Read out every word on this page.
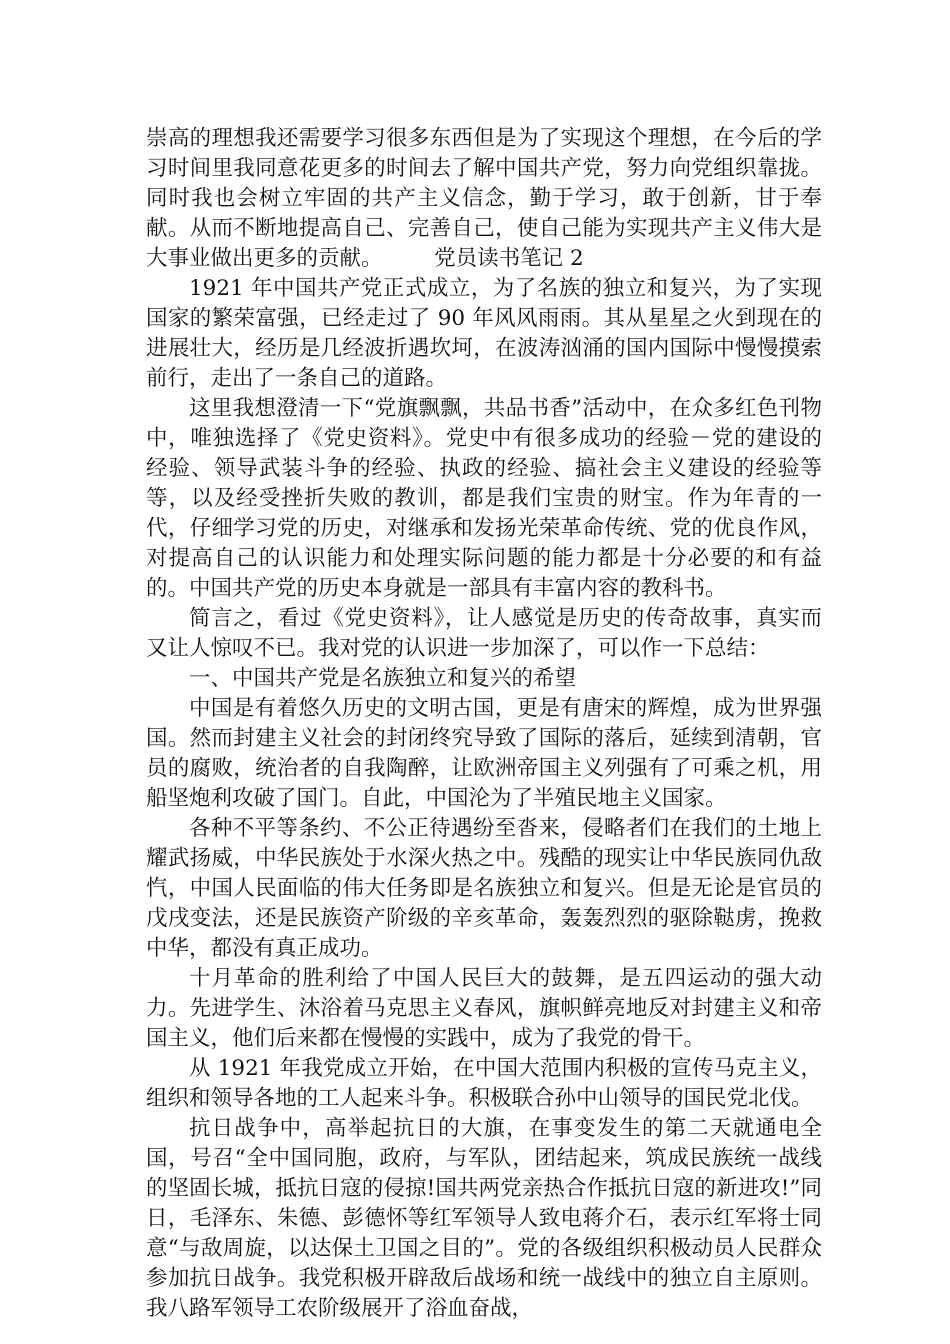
崇高的理想我还需要学习很多东西但是为了实现这个理想，在今后的学习时间里我同意花更多的时间去了解中国共产党，努力向党组织靠拢。同时我也会树立牢固的共产主义信念，勤于学习，敢于创新，甘于奉献。从而不断地提高自己、完善自己，使自己能为实现共产主义伟大是大事业做出更多的贡献。 党员读书笔记 2

1921 年中国共产党正式成立，为了名族的独立和复兴，为了实现国家的繁荣富强，已经走过了 90 年风风雨雨。其从星星之火到现在的进展壮大，经历是几经波折遇坎坷，在波涛汹涌的国内国际中慢慢摸索前行，走出了一条自己的道路。

这里我想澄清一下“党旗飘飘，共品书香”活动中，在众多红色刊物中，唯独选择了《党史资料》。党史中有很多成功的经验－党的建设的经验、领导武装斗争的经验、执政的经验、搞社会主义建设的经验等等，以及经受挫折失败的教训，都是我们宝贵的财宝。作为年青的一代，仔细学习党的历史，对继承和发扬光荣革命传统、党的优良作风，对提高自己的认识能力和处理实际问题的能力都是十分必要的和有益的。中国共产党的历史本身就是一部具有丰富内容的教科书。

简言之，看过《党史资料》，让人感觉是历史的传奇故事，真实而又让人惊叹不已。我对党的认识进一步加深了，可以作一下总结：

一、中国共产党是名族独立和复兴的希望

中国是有着悠久历史的文明古国，更是有唐宋的辉煌，成为世界强国。然而封建主义社会的封闭终究导致了国际的落后，延续到清朝，官员的腐败，统治者的自我陶醉，让欧洲帝国主义列强有了可乘之机，用船坚炮利攻破了国门。自此，中国沦为了半殖民地主义国家。

各种不平等条约、不公正待遇纷至沓来，侵略者们在我们的土地上耀武扬威，中华民族处于水深火热之中。残酷的现实让中华民族同仇敌忾，中国人民面临的伟大任务即是名族独立和复兴。但是无论是官员的戊戌变法，还是民族资产阶级的辛亥革命，轰轰烈烈的驱除鞑虏，挽救中华，都没有真正成功。

十月革命的胜利给了中国人民巨大的鼓舞，是五四运动的强大动力。先进学生、沐浴着马克思主义春风，旗帜鲜亮地反对封建主义和帝国主义，他们后来都在慢慢的实践中，成为了我党的骨干。

从 1921 年我党成立开始，在中国大范围内积极的宣传马克主义，组织和领导各地的工人起来斗争。积极联合孙中山领导的国民党北伐。

抗日战争中，高举起抗日的大旗，在事变发生的第二天就通电全国，号召“全中国同胞，政府，与军队，团结起来，筑成民族统一战线的坚固长城，抵抗日寇的侵掠!国共两党亲热合作抵抗日寇的新进攻!”同日，毛泽东、朱德、彭德怀等红军领导人致电蒋介石，表示红军将士同意“与敌周旋，以达保土卫国之目的”。党的各级组织积极动员人民群众参加抗日战争。我党积极开辟敌后战场和统一战线中的独立自主原则。我八路军领导工农阶级展开了浴血奋战，
